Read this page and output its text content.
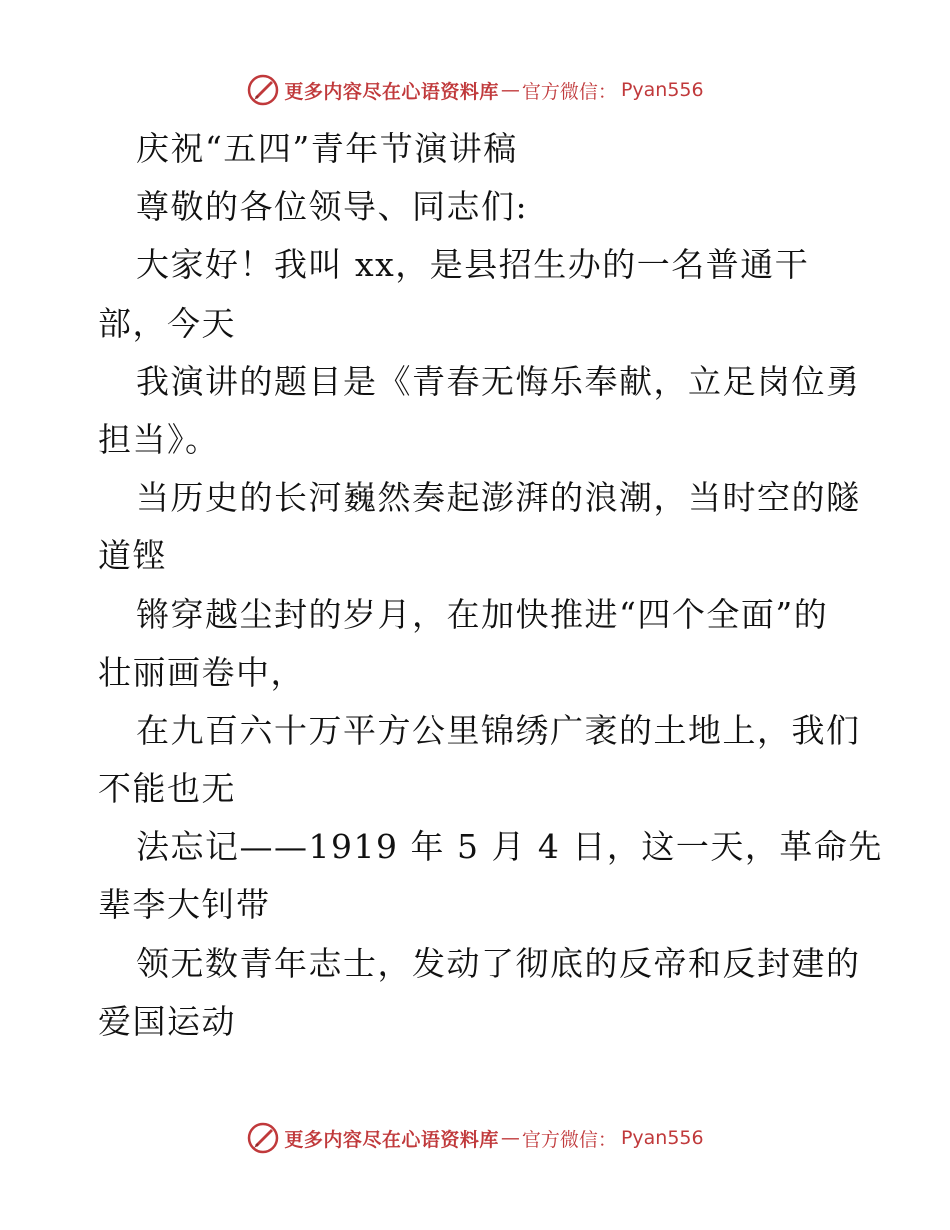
更多内容尽在心语资料库 — 官方微信： Pyan556
庆祝“五四”青年节演讲稿
尊敬的各位领导、同志们:
大家好！我叫 xx，是县招生办的一名普通干
部，今天
我演讲的题目是《青春无悔乐奉献，立足岗位勇
担当》。
当历史的长河巍然奏起澎湃的浪潮，当时空的隧
道铿
锵穿越尘封的岁月，在加快推进“四个全面”的
壮丽画卷中，
在九百六十万平方公里锦绣广袤的土地上，我们
不能也无
法忘记——1919 年 5 月 4 日，这一天，革命先
辈李大钊带
领无数青年志士，发动了彻底的反帝和反封建的
爱国运动
更多内容尽在心语资料库 — 官方微信： Pyan556
